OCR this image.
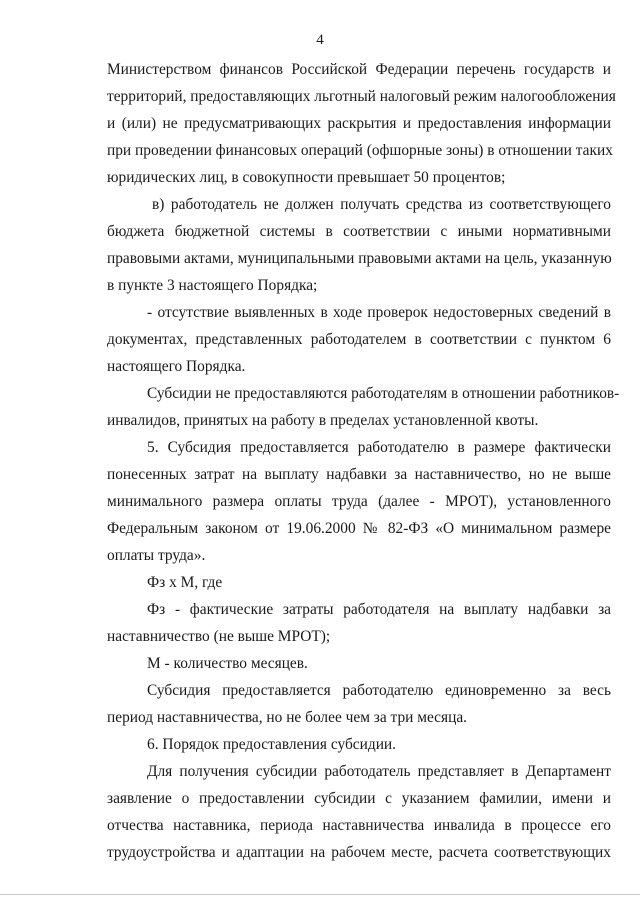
4
Министерством финансов Российской Федерации перечень государств и
территорий, предоставляющих льготный налоговый режим налогообложения
и (или) не предусматривающих раскрытия и предоставления информации
при проведении финансовых операций (офшорные зоны) в отношении таких
юридических лиц, в совокупности превышает 50 процентов;
в) работодатель не должен получать средства из соответствующего
бюджета бюджетной системы в соответствии с иными нормативными
правовыми актами, муниципальными правовыми актами на цель, указанную
в пункте 3 настоящего Порядка;
- отсутствие выявленных в ходе проверок недостоверных сведений в
документах, представленных работодателем в соответствии с пунктом 6
настоящего Порядка.
Субсидии не предоставляются работодателям в отношении работников-
инвалидов, принятых на работу в пределах установленной квоты.
5. Субсидия предоставляется работодателю в размере фактически
понесенных затрат на выплату надбавки за наставничество, но не выше
минимального размера оплаты труда (далее - МРОТ), установленного
Федеральным законом от 19.06.2000 № 82-ФЗ «О минимальном размере
оплаты труда».
Фз х М, где
Фз - фактические затраты работодателя на выплату надбавки за
наставничество (не выше МРОТ);
М - количество месяцев.
Субсидия предоставляется работодателю единовременно за весь
период наставничества, но не более чем за три месяца.
6. Порядок предоставления субсидии.
Для получения субсидии работодатель представляет в Департамент
заявление о предоставлении субсидии с указанием фамилии, имени и
отчества наставника, периода наставничества инвалида в процессе его
трудоустройства и адаптации на рабочем месте, расчета соответствующих
